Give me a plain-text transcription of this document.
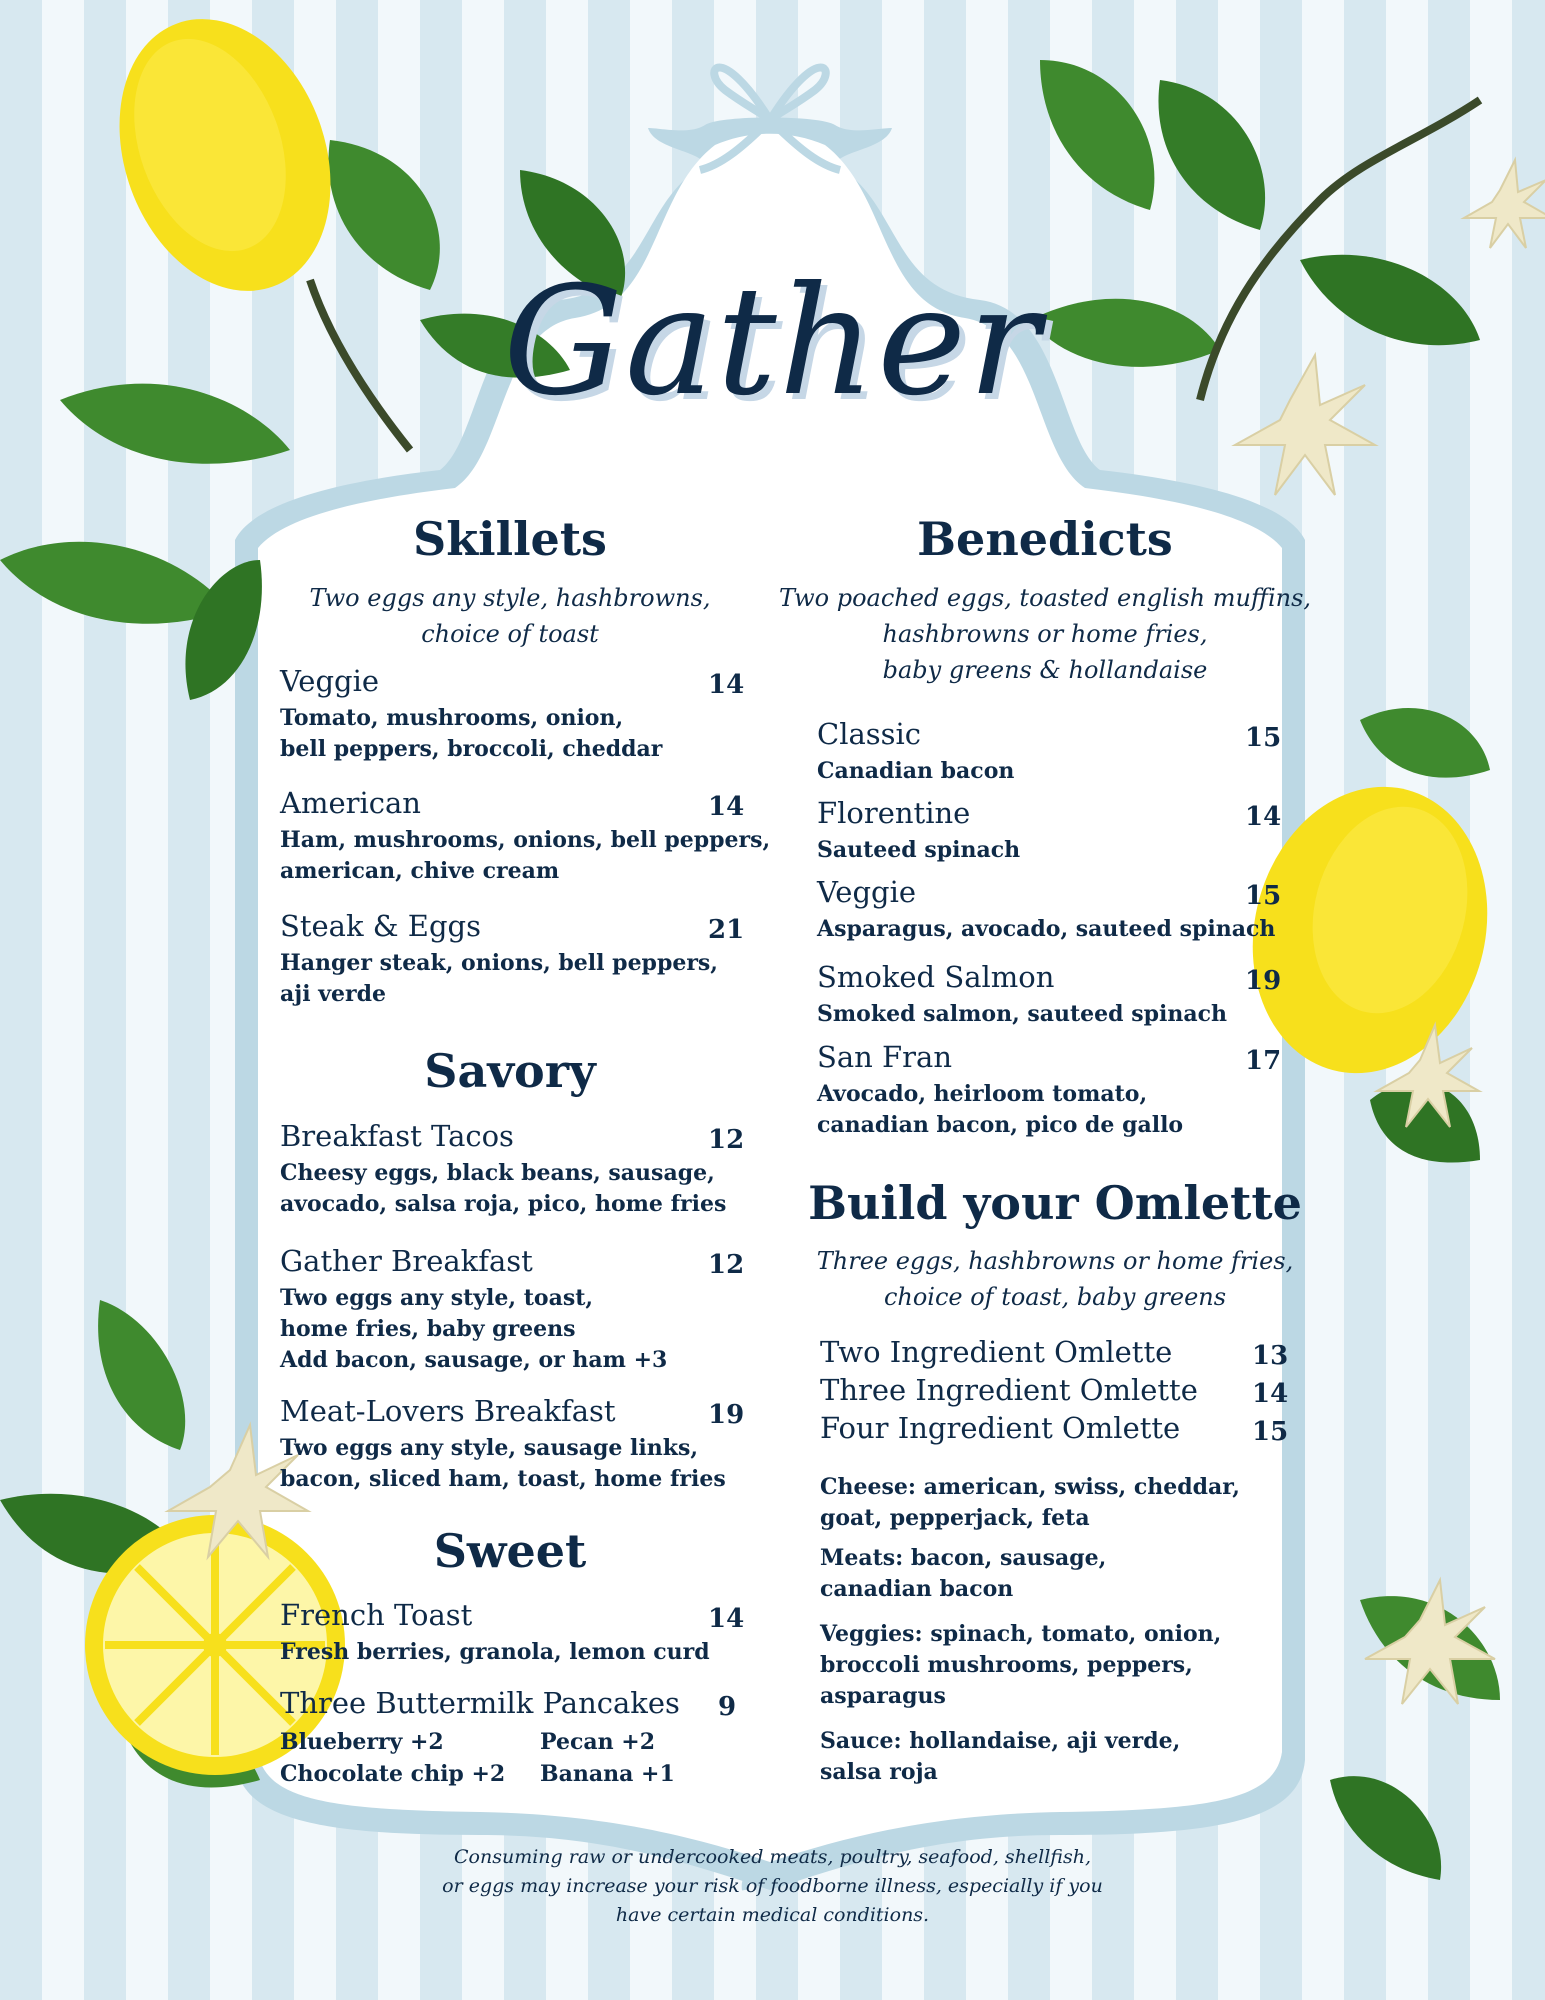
Gather
Skillets
Two eggs any style, hashbrowns,
choice of toast
Veggie	14
Tomato, mushrooms, onion,
bell peppers, broccoli, cheddar
American	14
Ham, mushrooms, onions, bell peppers,
american, chive cream
Steak & Eggs	21
Hanger steak, onions, bell peppers,
aji verde
Savory
Breakfast Tacos	12
Cheesy eggs, black beans, sausage,
avocado, salsa roja, pico, home fries
Gather Breakfast	12
Two eggs any style, toast,
home fries, baby greens
Add bacon, sausage, or ham +3
Meat-Lovers Breakfast	19
Two eggs any style, sausage links,
bacon, sliced ham, toast, home fries
Sweet
French Toast	14
Fresh berries, granola, lemon curd
Three Buttermilk Pancakes 9
Blueberry +2	Pecan +2
Chocolate chip +2 Banana +1
Benedicts
Two poached eggs, toasted english muffins,
hashbrowns or home fries,
baby greens & hollandaise
Classic	15
Canadian bacon
Florentine	14
Sauteed spinach
Veggie	15
Asparagus, avocado, sauteed spinach
Smoked Salmon	19
Smoked salmon, sauteed spinach
San Fran	17
Avocado, heirloom tomato,
canadian bacon, pico de gallo
Build your Omlette
Three eggs, hashbrowns or home fries,
choice of toast, baby greens
Two Ingredient Omlette	13
Three Ingredient Omlette 14
Four Ingredient Omlette	15
Cheese: american, swiss, cheddar,
goat, pepperjack, feta
Meats: bacon, sausage,
canadian bacon
Veggies: spinach, tomato, onion,
broccoli mushrooms, peppers,
asparagus
Sauce: hollandaise, aji verde,
salsa roja
Consuming raw or undercooked meats, poultry, seafood, shellfish,
or eggs may increase your risk of foodborne illness, especially if you
have certain medical conditions.
